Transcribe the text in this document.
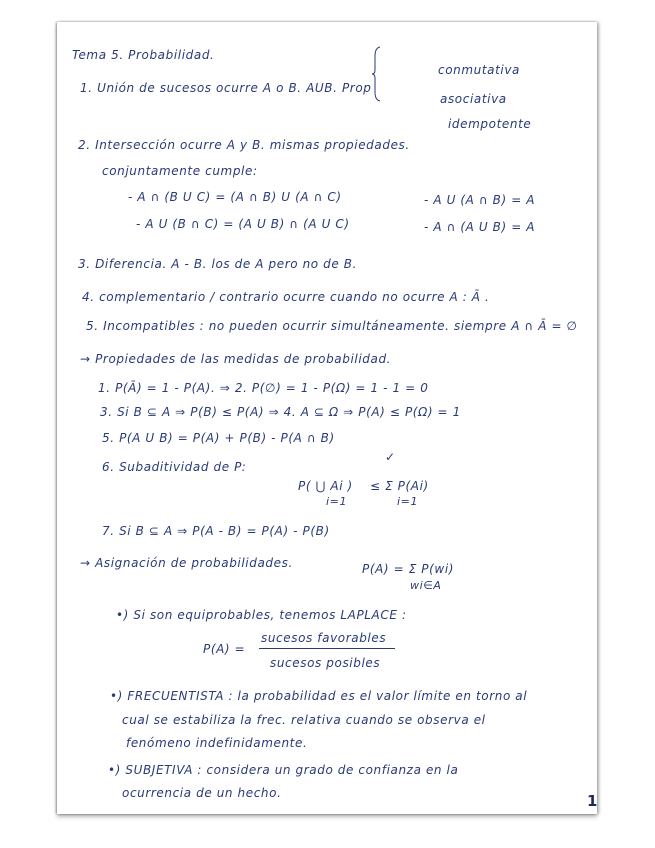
Tema 5. Probabilidad.
1. Unión de sucesos ocurre A o B. AUB. Prop
conmutativa
asociativa
idempotente
2. Intersección ocurre A y B. mismas propiedades.
conjuntamente cumple:
- A ∩ (B U C) = (A ∩ B) U (A ∩ C)	- A U (A ∩ B) = A
- A U (B ∩ C) = (A U B) ∩ (A U C)	- A ∩ (A U B) = A
3. Diferencia. A - B. los de A pero no de B.
4. complementario / contrario ocurre cuando no ocurre A : Ā .
5. Incompatibles : no pueden ocurrir simultáneamente. siempre A ∩ Ā = ∅
→ Propiedades de las medidas de probabilidad.
1. P(Ā) = 1 - P(A). ⇒ 2. P(∅) = 1 - P(Ω) = 1 - 1 = 0
3. Si B ⊆ A ⇒ P(B) ≤ P(A) ⇒ 4. A ⊆ Ω ⇒ P(A) ≤ P(Ω) = 1
5. P(A U B) = P(A) + P(B) - P(A ∩ B)
6. Subaditividad de P:
✓
P( ⋃ Ai )
i=1
≤ Σ P(Ai)
i=1
7. Si B ⊆ A ⇒ P(A - B) = P(A) - P(B)
→ Asignación de probabilidades.	P(A) = Σ P(wi)
wi∈A
•) Si son equiprobables, tenemos LAPLACE :
P(A) =
sucesos favorables
sucesos posibles
•) FRECUENTISTA : la probabilidad es el valor límite en torno al
cual se estabiliza la frec. relativa cuando se observa el
fenómeno indefinidamente.
•) SUBJETIVA : considera un grado de confianza en la
ocurrencia de un hecho.	1
